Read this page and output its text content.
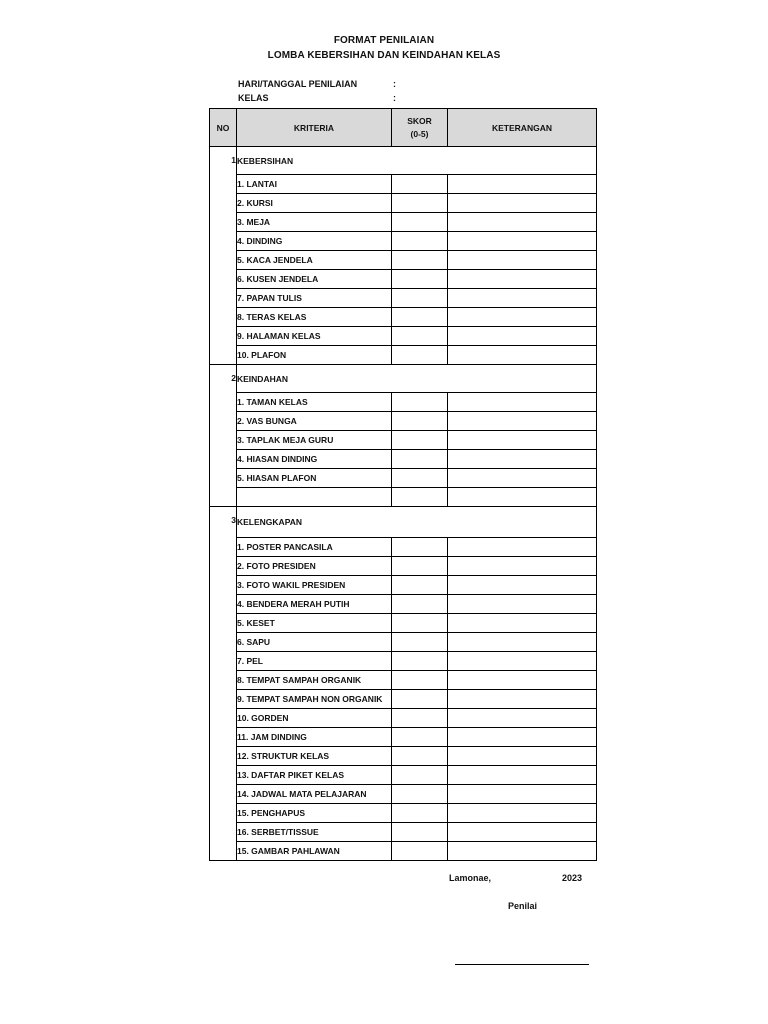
FORMAT PENILAIAN
LOMBA KEBERSIHAN DAN KEINDAHAN KELAS
HARI/TANGGAL PENILAIAN	:
KELAS	:
NO	KRITERIA	SKOR
(0-5)	KETERANGAN
1	KEBERSIHAN		
	1. LANTAI		
	2. KURSI		
	3. MEJA		
	4. DINDING		
	5. KACA JENDELA		
	6. KUSEN JENDELA		
	7. PAPAN TULIS		
	8. TERAS KELAS		
	9. HALAMAN KELAS		
	10. PLAFON		
2	KEINDAHAN		
	1. TAMAN KELAS		
	2. VAS BUNGA		
	3. TAPLAK MEJA GURU		
	4. HIASAN DINDING		
	5. HIASAN PLAFON		

3	KELENGKAPAN		
	1. POSTER PANCASILA		
	2. FOTO PRESIDEN		
	3. FOTO WAKIL PRESIDEN		
	4. BENDERA MERAH PUTIH		
	5. KESET		
	6. SAPU		
	7. PEL		
	8. TEMPAT SAMPAH ORGANIK		
	9. TEMPAT SAMPAH NON ORGANIK		
	10. GORDEN		
	11. JAM DINDING		
	12. STRUKTUR KELAS		
	13. DAFTAR PIKET KELAS		
	14. JADWAL MATA PELAJARAN		
	15. PENGHAPUS		
	16. SERBET/TISSUE		
	15. GAMBAR PAHLAWAN		
Lamonae,	2023
Penilai
